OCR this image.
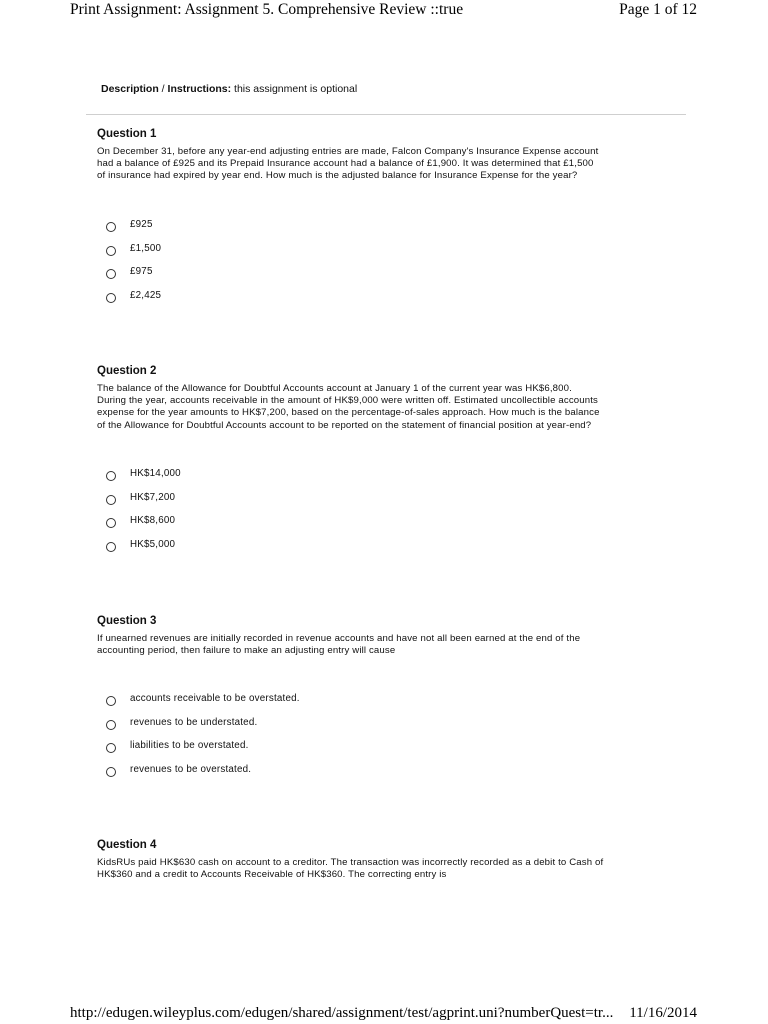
Print Assignment: Assignment 5. Comprehensive Review ::true	Page 1 of 12
Description / Instructions: this assignment is optional
Question 1

On December 31, before any year-end adjusting entries are made, Falcon Company's Insurance Expense account
had a balance of £925 and its Prepaid Insurance account had a balance of £1,900. It was determined that £1,500
of insurance had expired by year end. How much is the adjusted balance for Insurance Expense for the year?

£925
£1,500
£975
£2,425
Question 2

The balance of the Allowance for Doubtful Accounts account at January 1 of the current year was HK$6,800.
During the year, accounts receivable in the amount of HK$9,000 were written off. Estimated uncollectible accounts
expense for the year amounts to HK$7,200, based on the percentage-of-sales approach. How much is the balance
of the Allowance for Doubtful Accounts account to be reported on the statement of financial position at year-end?

HK$14,000
HK$7,200
HK$8,600
HK$5,000
Question 3

If unearned revenues are initially recorded in revenue accounts and have not all been earned at the end of the
accounting period, then failure to make an adjusting entry will cause

accounts receivable to be overstated.
revenues to be understated.
liabilities to be overstated.
revenues to be overstated.
Question 4

KidsRUs paid HK$630 cash on account to a creditor. The transaction was incorrectly recorded as a debit to Cash of
HK$360 and a credit to Accounts Receivable of HK$360. The correcting entry is

http://edugen.wileyplus.com/edugen/shared/assignment/test/agprint.uni?numberQuest=tr... 11/16/2014
